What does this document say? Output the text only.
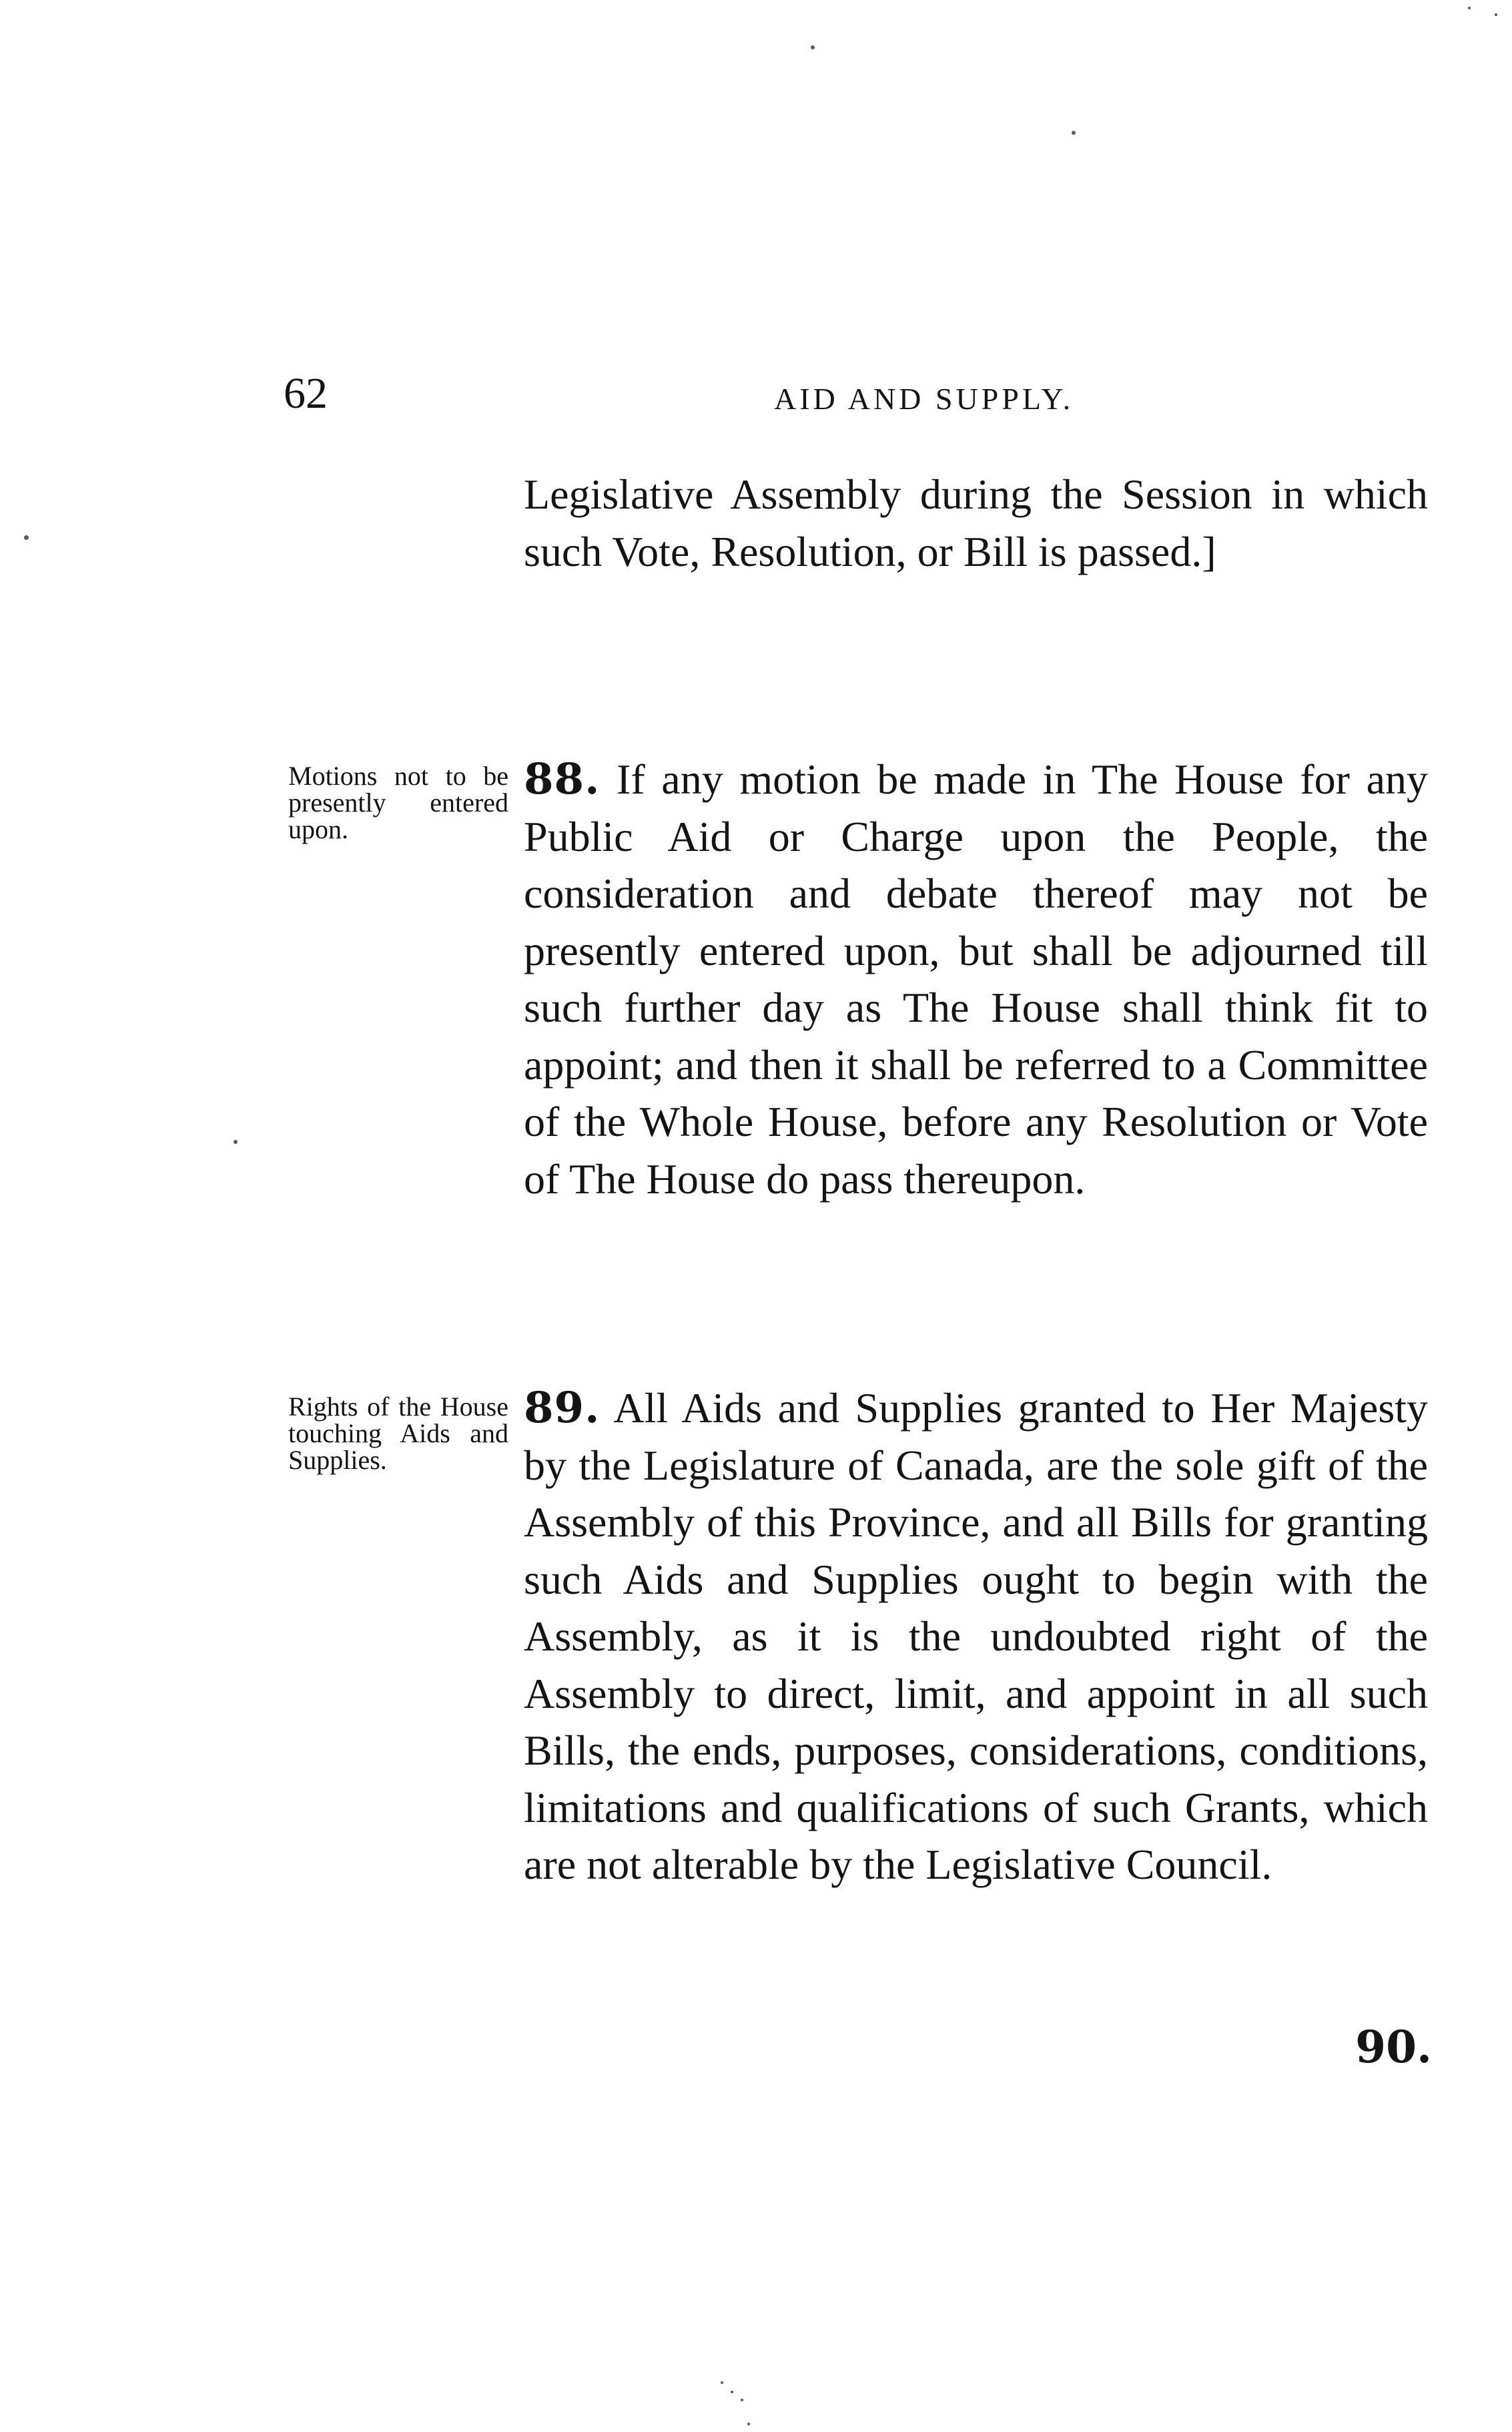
62	AID AND SUPPLY.

Legislative Assembly during the Session in which such Vote, Resolution, or Bill is passed.]

Motions not to be presently entered upon.

88. If any motion be made in The House for any Public Aid or Charge upon the People, the consideration and debate thereof may not be presently entered upon, but shall be adjourned till such further day as The House shall think fit to appoint; and then it shall be referred to a Committee of the Whole House, before any Resolution or Vote of The House do pass thereupon.

Rights of the House touching Aids and Supplies.

89. All Aids and Supplies granted to Her Majesty by the Legislature of Canada, are the sole gift of the Assembly of this Province, and all Bills for granting such Aids and Supplies ought to begin with the Assembly, as it is the undoubted right of the Assembly to direct, limit, and appoint in all such Bills, the ends, purposes, considerations, conditions, limitations and qualifications of such Grants, which are not alterable by the Legislative Council.

90.
